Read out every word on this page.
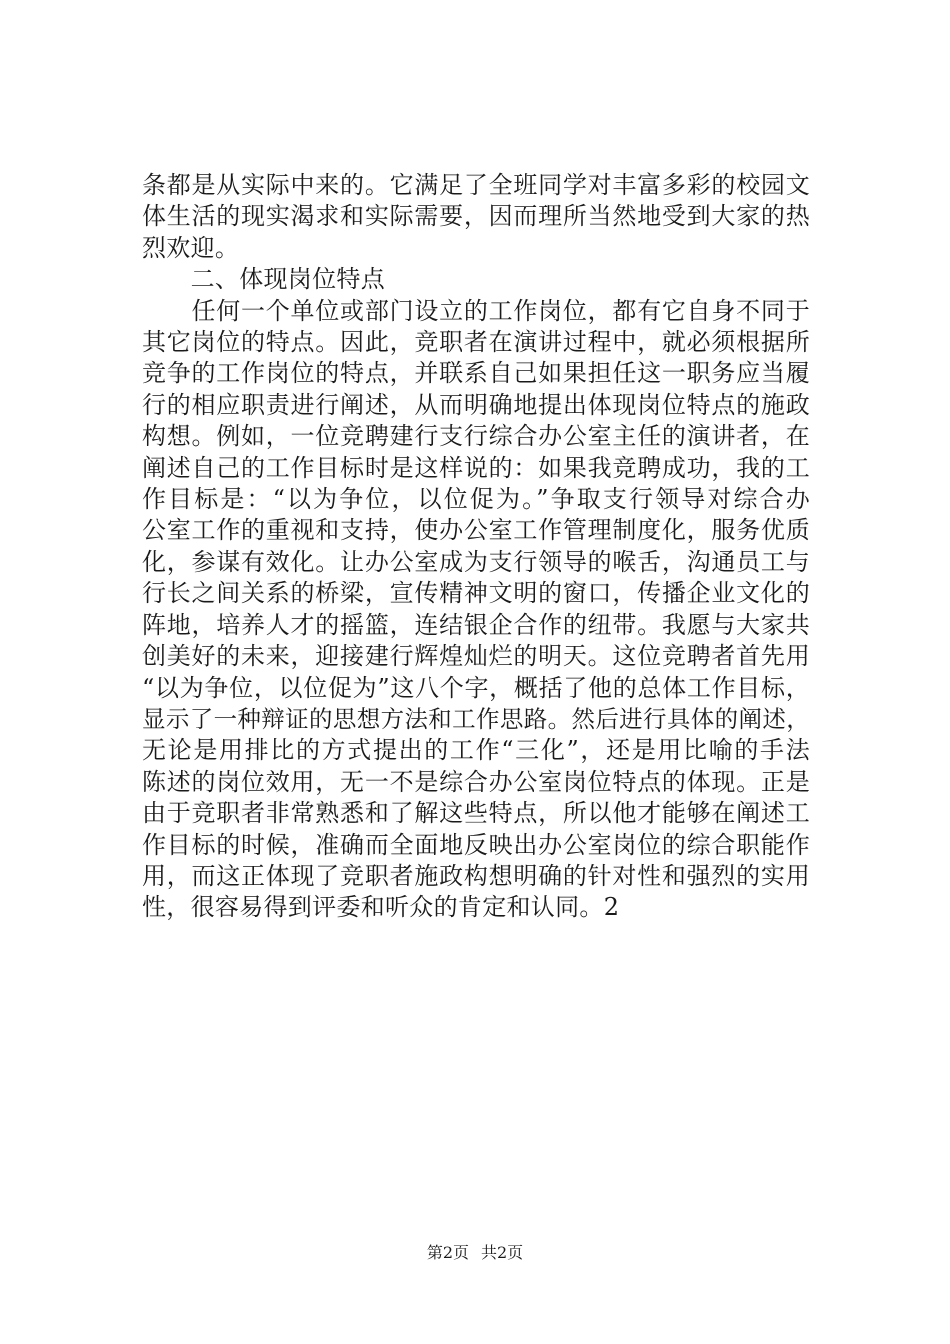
条都是从实际中来的。它满足了全班同学对丰富多彩的校园文
体生活的现实渴求和实际需要，因而理所当然地受到大家的热
烈欢迎。
　　二、体现岗位特点
　　任何一个单位或部门设立的工作岗位，都有它自身不同于
其它岗位的特点。因此，竞职者在演讲过程中，就必须根据所
竞争的工作岗位的特点，并联系自己如果担任这一职务应当履
行的相应职责进行阐述，从而明确地提出体现岗位特点的施政
构想。例如，一位竞聘建行支行综合办公室主任的演讲者，在
阐述自己的工作目标时是这样说的：如果我竞聘成功，我的工
作目标是：“以为争位，以位促为。”争取支行领导对综合办
公室工作的重视和支持，使办公室工作管理制度化，服务优质
化，参谋有效化。让办公室成为支行领导的喉舌，沟通员工与
行长之间关系的桥梁，宣传精神文明的窗口，传播企业文化的
阵地，培养人才的摇篮，连结银企合作的纽带。我愿与大家共
创美好的未来，迎接建行辉煌灿烂的明天。这位竞聘者首先用
“以为争位，以位促为”这八个字，概括了他的总体工作目标，
显示了一种辩证的思想方法和工作思路。然后进行具体的阐述，
无论是用排比的方式提出的工作“三化”，还是用比喻的手法
陈述的岗位效用，无一不是综合办公室岗位特点的体现。正是
由于竞职者非常熟悉和了解这些特点，所以他才能够在阐述工
作目标的时候，准确而全面地反映出办公室岗位的综合职能作
用，而这正体现了竞职者施政构想明确的针对性和强烈的实用
性，很容易得到评委和听众的肯定和认同。2
第2页 共2页
